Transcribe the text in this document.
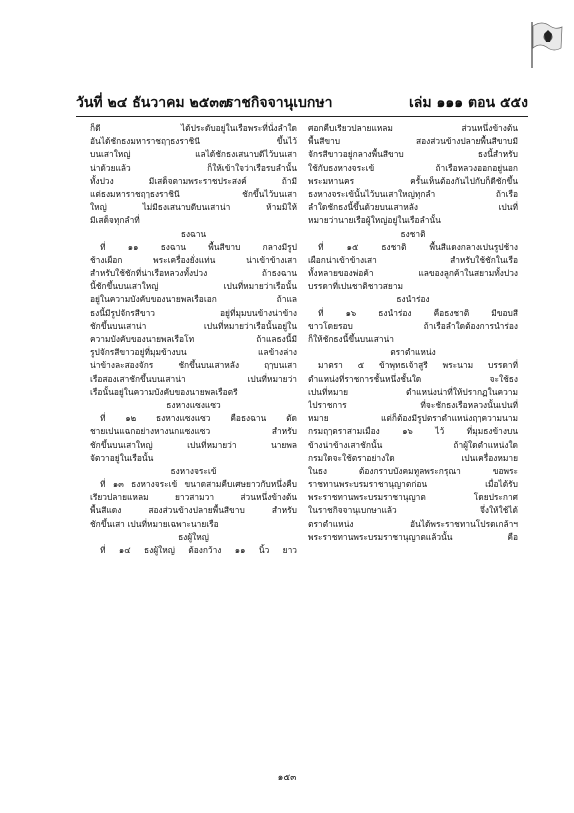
วันที่ ๒๔ ธันวาคม ๒๕๓๗
ราชกิจจานุเบกษา	เล่ม ๑๑๑ ตอน ๕๕ง
ก็ดี ได้ประดับอยู่ในเรือพระที่นั่งลำใด
อันได้ชักธงมหาราชฤๅธงราชินี ขึ้นไว้
บนเสาใหญ่ แลได้ชักธงเสนาบดีไว้บนเสา
น่าด้วยแล้ว ก็ให้เข้าใจว่าเรือรบลำนั้น
ทั้งปวง มีเสด็จตามพระราชประสงค์ ถ้ามี
แต่ธงมหาราชฤๅธงราชินี ชักขึ้นไว้บนเสา
ใหญ่ ไม่มีธงเสนาบดีบนเสาน่า ห้ามมิให้
มีเสด็จทุกลำที่
ธงฉาน
ที่ ๑๑ ธงฉาน พื้นสีขาบ กลางมีรูป
ช้างเผือก พระเครื่องยั่งแท่น น่าเข้าข้างเสา
สำหรับใช้ชักที่น่าเรือหลวงทั้งปวง ถ้าธงฉาน
นี้ชักขึ้นบนเสาใหญ่ เปนที่หมายว่าเรือนั้น
อยู่ในความบังคับของนายพลเรือเอก ถ้าแล
ธงนี้มีรูปจักรสีขาว อยู่ที่มุมบนข้างน่าข้าง
ชักขึ้นบนเสาน่า เปนที่หมายว่าเรือนั้นอยู่ใน
ความบังคับของนายพลเรือโท ถ้าแลธงนี้มี
รูปจักรสีขาวอยู่ที่มุมข้างบน แลข้างล่าง
น่าข้างละสองจักร ชักขึ้นบนเสาหลัง ฤๅบนเสา
เรือสองเสาชักขึ้นบนเสาน่า เปนที่หมายว่า
เรือนั้นอยู่ในความบังคับของนายพลเรือตรี
ธงหางแซงแซว
ที่ ๑๒ ธงหางแซงแซว คือธงฉาน ตัด
ชายเปนแฉกอย่างหางนกแซงแซว สำหรับ
ชักขึ้นบนเสาใหญ่ เปนที่หมายว่า นายพล
จัตวาอยู่ในเรือนั้น
ธงหางจระเข้
ที่ ๑๓ ธงหางจระเข้ ขนาดสามคืบเศษยาวกับหนึ่งคืบ
เรียวปลายแหลม ยาวสามวา ส่วนหนึ่งข้างต้น
พื้นสีแดง สองส่วนข้างปลายพื้นสีขาบ สำหรับ
ชักขึ้นเสา เปนที่หมายเฉพาะนายเรือ
ธงผู้ใหญ่
ที่ ๑๔ ธงผู้ใหญ่ ต้องกว้าง ๑๑ นิ้ว ยาว
ศอกคืบเรียวปลายแหลม ส่วนหนึ่งข้างต้น
พื้นสีขาบ สองส่วนข้างปลายพื้นสีขาบมี
จักรสีขาวอยู่กลางพื้นสีขาบ ธงนี้สำหรับ
ใช้กับธงหางจระเข้ ถ้าเรือหลวงออกอยู่นอก
พระมหานคร ครั้นเห็นต้องกันไปกับก็ดีชักขึ้น
ธงหางจระเข้นั้นไว้บนเสาใหญ่ทุกลำ ถ้าเรือ
ลำใดชักธงนี้ขึ้นด้วยบนเสาหลัง เปนที่
หมายว่านายเรือผู้ใหญ่อยู่ในเรือลำนั้น
ธงชาติ
ที่ ๑๕ ธงชาติ พื้นสีแดงกลางเปนรูปช้าง
เผือกน่าเข้าข้างเสา สำหรับใช้ชักในเรือ
ทั้งหลายของพ่อค้า แลของลูกค้าในสยามทั้งปวง
บรรดาที่เปนชาติชาวสยาม
ธงนำร่อง
ที่ ๑๖ ธงนำร่อง คือธงชาติ มีขอบสี
ขาวโดยรอบ ถ้าเรือลำใดต้องการนำร่อง
ก็ให้ชักธงนี้ขึ้นบนเสาน่า
ตราตำแหน่ง
มาตรา ๕ ข้าพุทธเจ้าสูรี พระนาม บรรดาที่
ตำแหน่งที่ราชการชั้นหนึ่งชั้นใด จะใช้ธง
เปนที่หมาย ตำแหน่งน่าที่ให้ปรากฏในความ
ไปราชการ ที่จะชักธงเรือหลวงนั้นเปนที่
หมาย แต่ก็ต้องมีรูปตราตำแหน่งฤๅความนาม
กรมฤๅตราสามเมือง ๑๖ ไว้ ที่มุมธงข้างบน
ข้างน่าข้างเสาชักนั้น ถ้าผู้ใดตำแหน่งใด
กรมใดจะใช้ตราอย่างใด เปนเครื่องหมาย
ในธง ต้องกราบบังคมทูลพระกรุณา ขอพระ
ราชทานพระบรมราชานุญาตก่อน เมื่อได้รับ
พระราชทานพระบรมราชานุญาต โดยประกาศ
ในราชกิจจานุเบกษาแล้ว จึ่งให้ใช้ได้
ตราตำแหน่ง อันได้พระราชทานโปรดเกล้าฯ
พระราชทานพระบรมราชานุญาตแล้วนั้น คือ
๑๕๓
